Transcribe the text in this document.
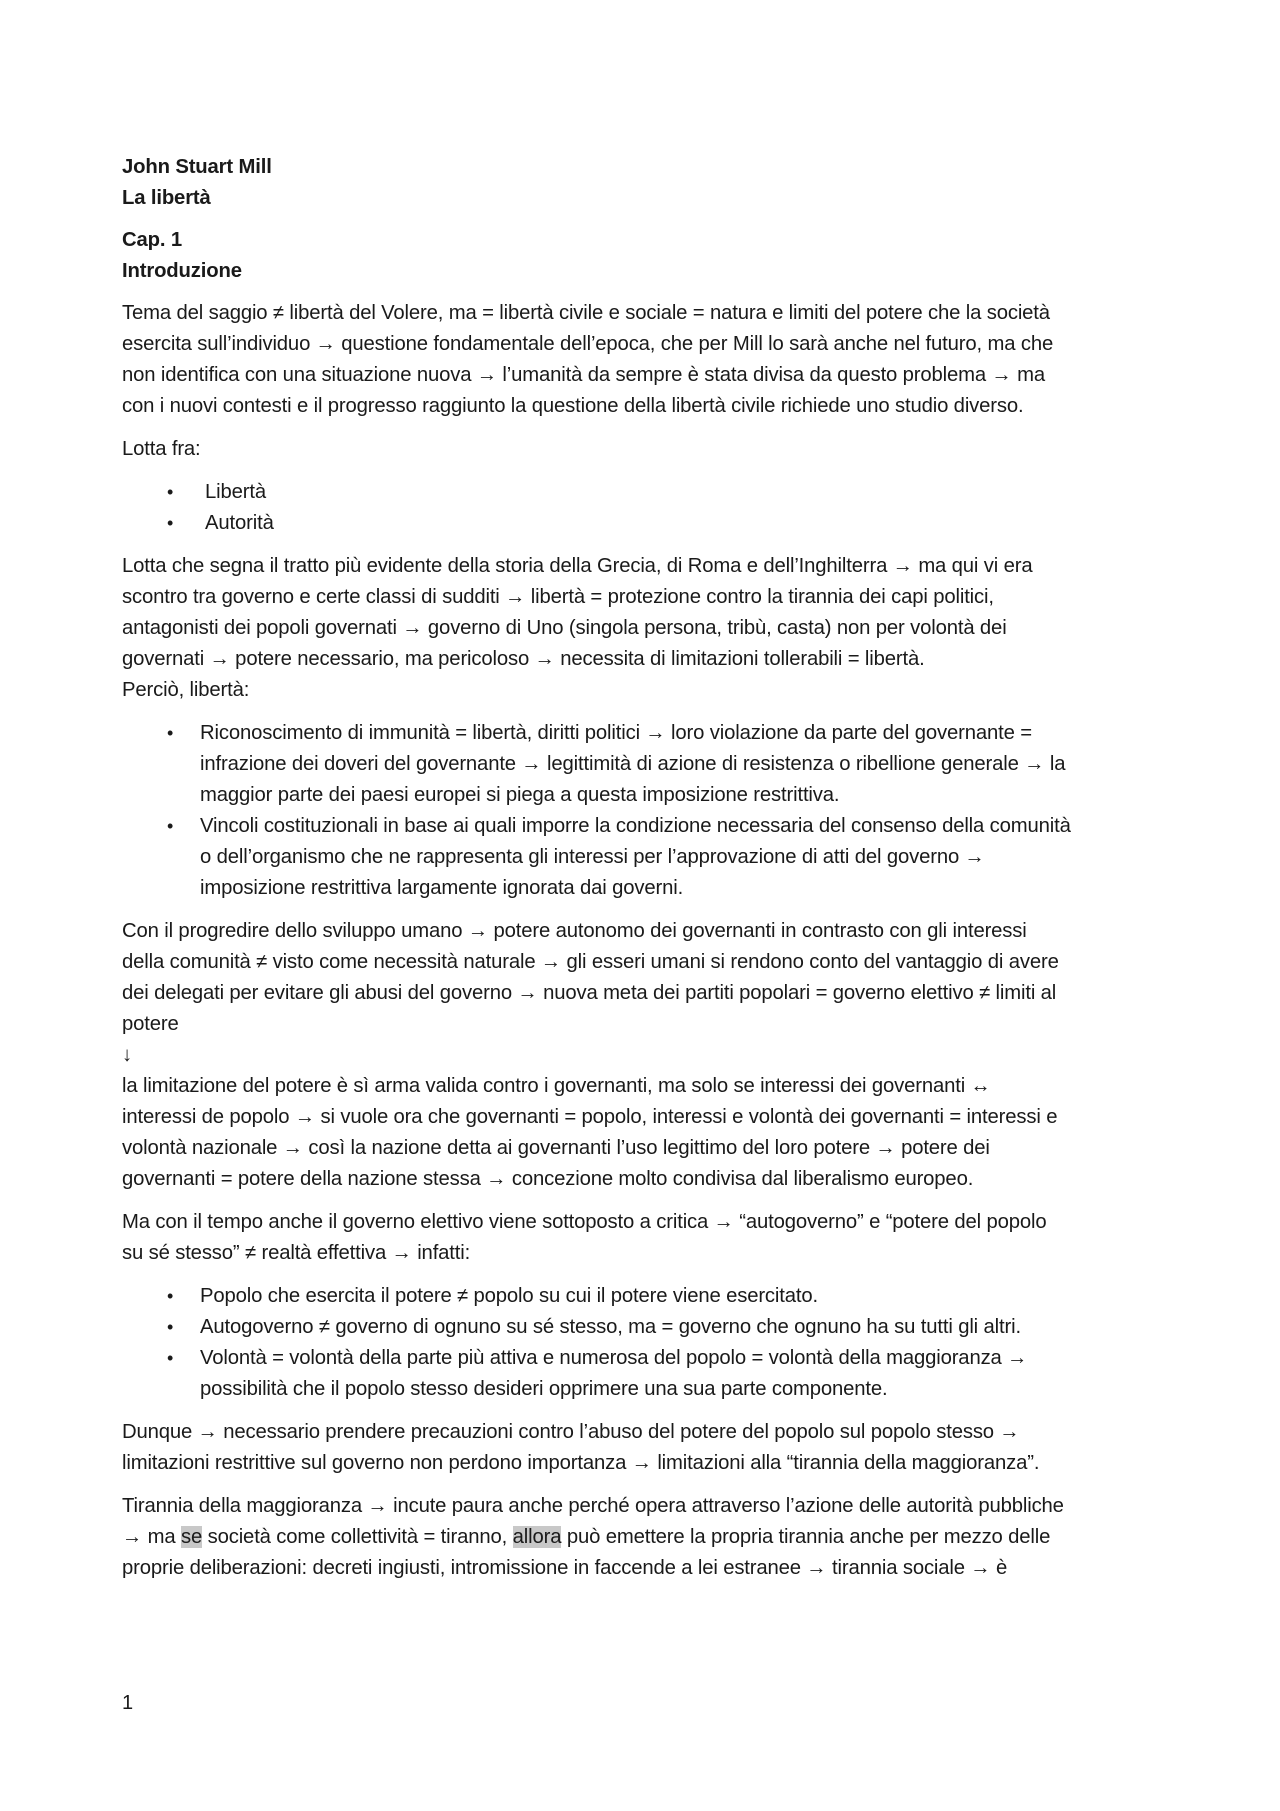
John Stuart Mill
La libertà
Cap. 1
Introduzione

Tema del saggio ≠ libertà del Volere, ma = libertà civile e sociale = natura e limiti del potere che la società
esercita sull’individuo → questione fondamentale dell’epoca, che per Mill lo sarà anche nel futuro, ma che
non identifica con una situazione nuova → l’umanità da sempre è stata divisa da questo problema → ma
con i nuovi contesti e il progresso raggiunto la questione della libertà civile richiede uno studio diverso.

Lotta fra:

• Libertà
• Autorità

Lotta che segna il tratto più evidente della storia della Grecia, di Roma e dell’Inghilterra → ma qui vi era
scontro tra governo e certe classi di sudditi → libertà = protezione contro la tirannia dei capi politici,
antagonisti dei popoli governati → governo di Uno (singola persona, tribù, casta) non per volontà dei
governati → potere necessario, ma pericoloso → necessita di limitazioni tollerabili = libertà.
Perciò, libertà:

• Riconoscimento di immunità = libertà, diritti politici → loro violazione da parte del governante =
infrazione dei doveri del governante → legittimità di azione di resistenza o ribellione generale → la
maggior parte dei paesi europei si piega a questa imposizione restrittiva.
• Vincoli costituzionali in base ai quali imporre la condizione necessaria del consenso della comunità
o dell’organismo che ne rappresenta gli interessi per l’approvazione di atti del governo →
imposizione restrittiva largamente ignorata dai governi.

Con il progredire dello sviluppo umano → potere autonomo dei governanti in contrasto con gli interessi
della comunità ≠ visto come necessità naturale → gli esseri umani si rendono conto del vantaggio di avere
dei delegati per evitare gli abusi del governo → nuova meta dei partiti popolari = governo elettivo ≠ limiti al
potere
↓
la limitazione del potere è sì arma valida contro i governanti, ma solo se interessi dei governanti ↔
interessi de popolo → si vuole ora che governanti = popolo, interessi e volontà dei governanti = interessi e
volontà nazionale → così la nazione detta ai governanti l’uso legittimo del loro potere → potere dei
governanti = potere della nazione stessa → concezione molto condivisa dal liberalismo europeo.

Ma con il tempo anche il governo elettivo viene sottoposto a critica → “autogoverno” e “potere del popolo
su sé stesso” ≠ realtà effettiva → infatti:

• Popolo che esercita il potere ≠ popolo su cui il potere viene esercitato.
• Autogoverno ≠ governo di ognuno su sé stesso, ma = governo che ognuno ha su tutti gli altri.
• Volontà = volontà della parte più attiva e numerosa del popolo = volontà della maggioranza →
possibilità che il popolo stesso desideri opprimere una sua parte componente.

Dunque → necessario prendere precauzioni contro l’abuso del potere del popolo sul popolo stesso →
limitazioni restrittive sul governo non perdono importanza → limitazioni alla “tirannia della maggioranza”.

Tirannia della maggioranza → incute paura anche perché opera attraverso l’azione delle autorità pubbliche
→ ma se società come collettività = tiranno, allora può emettere la propria tirannia anche per mezzo delle
proprie deliberazioni: decreti ingiusti, intromissione in faccende a lei estranee → tirannia sociale → è

1
